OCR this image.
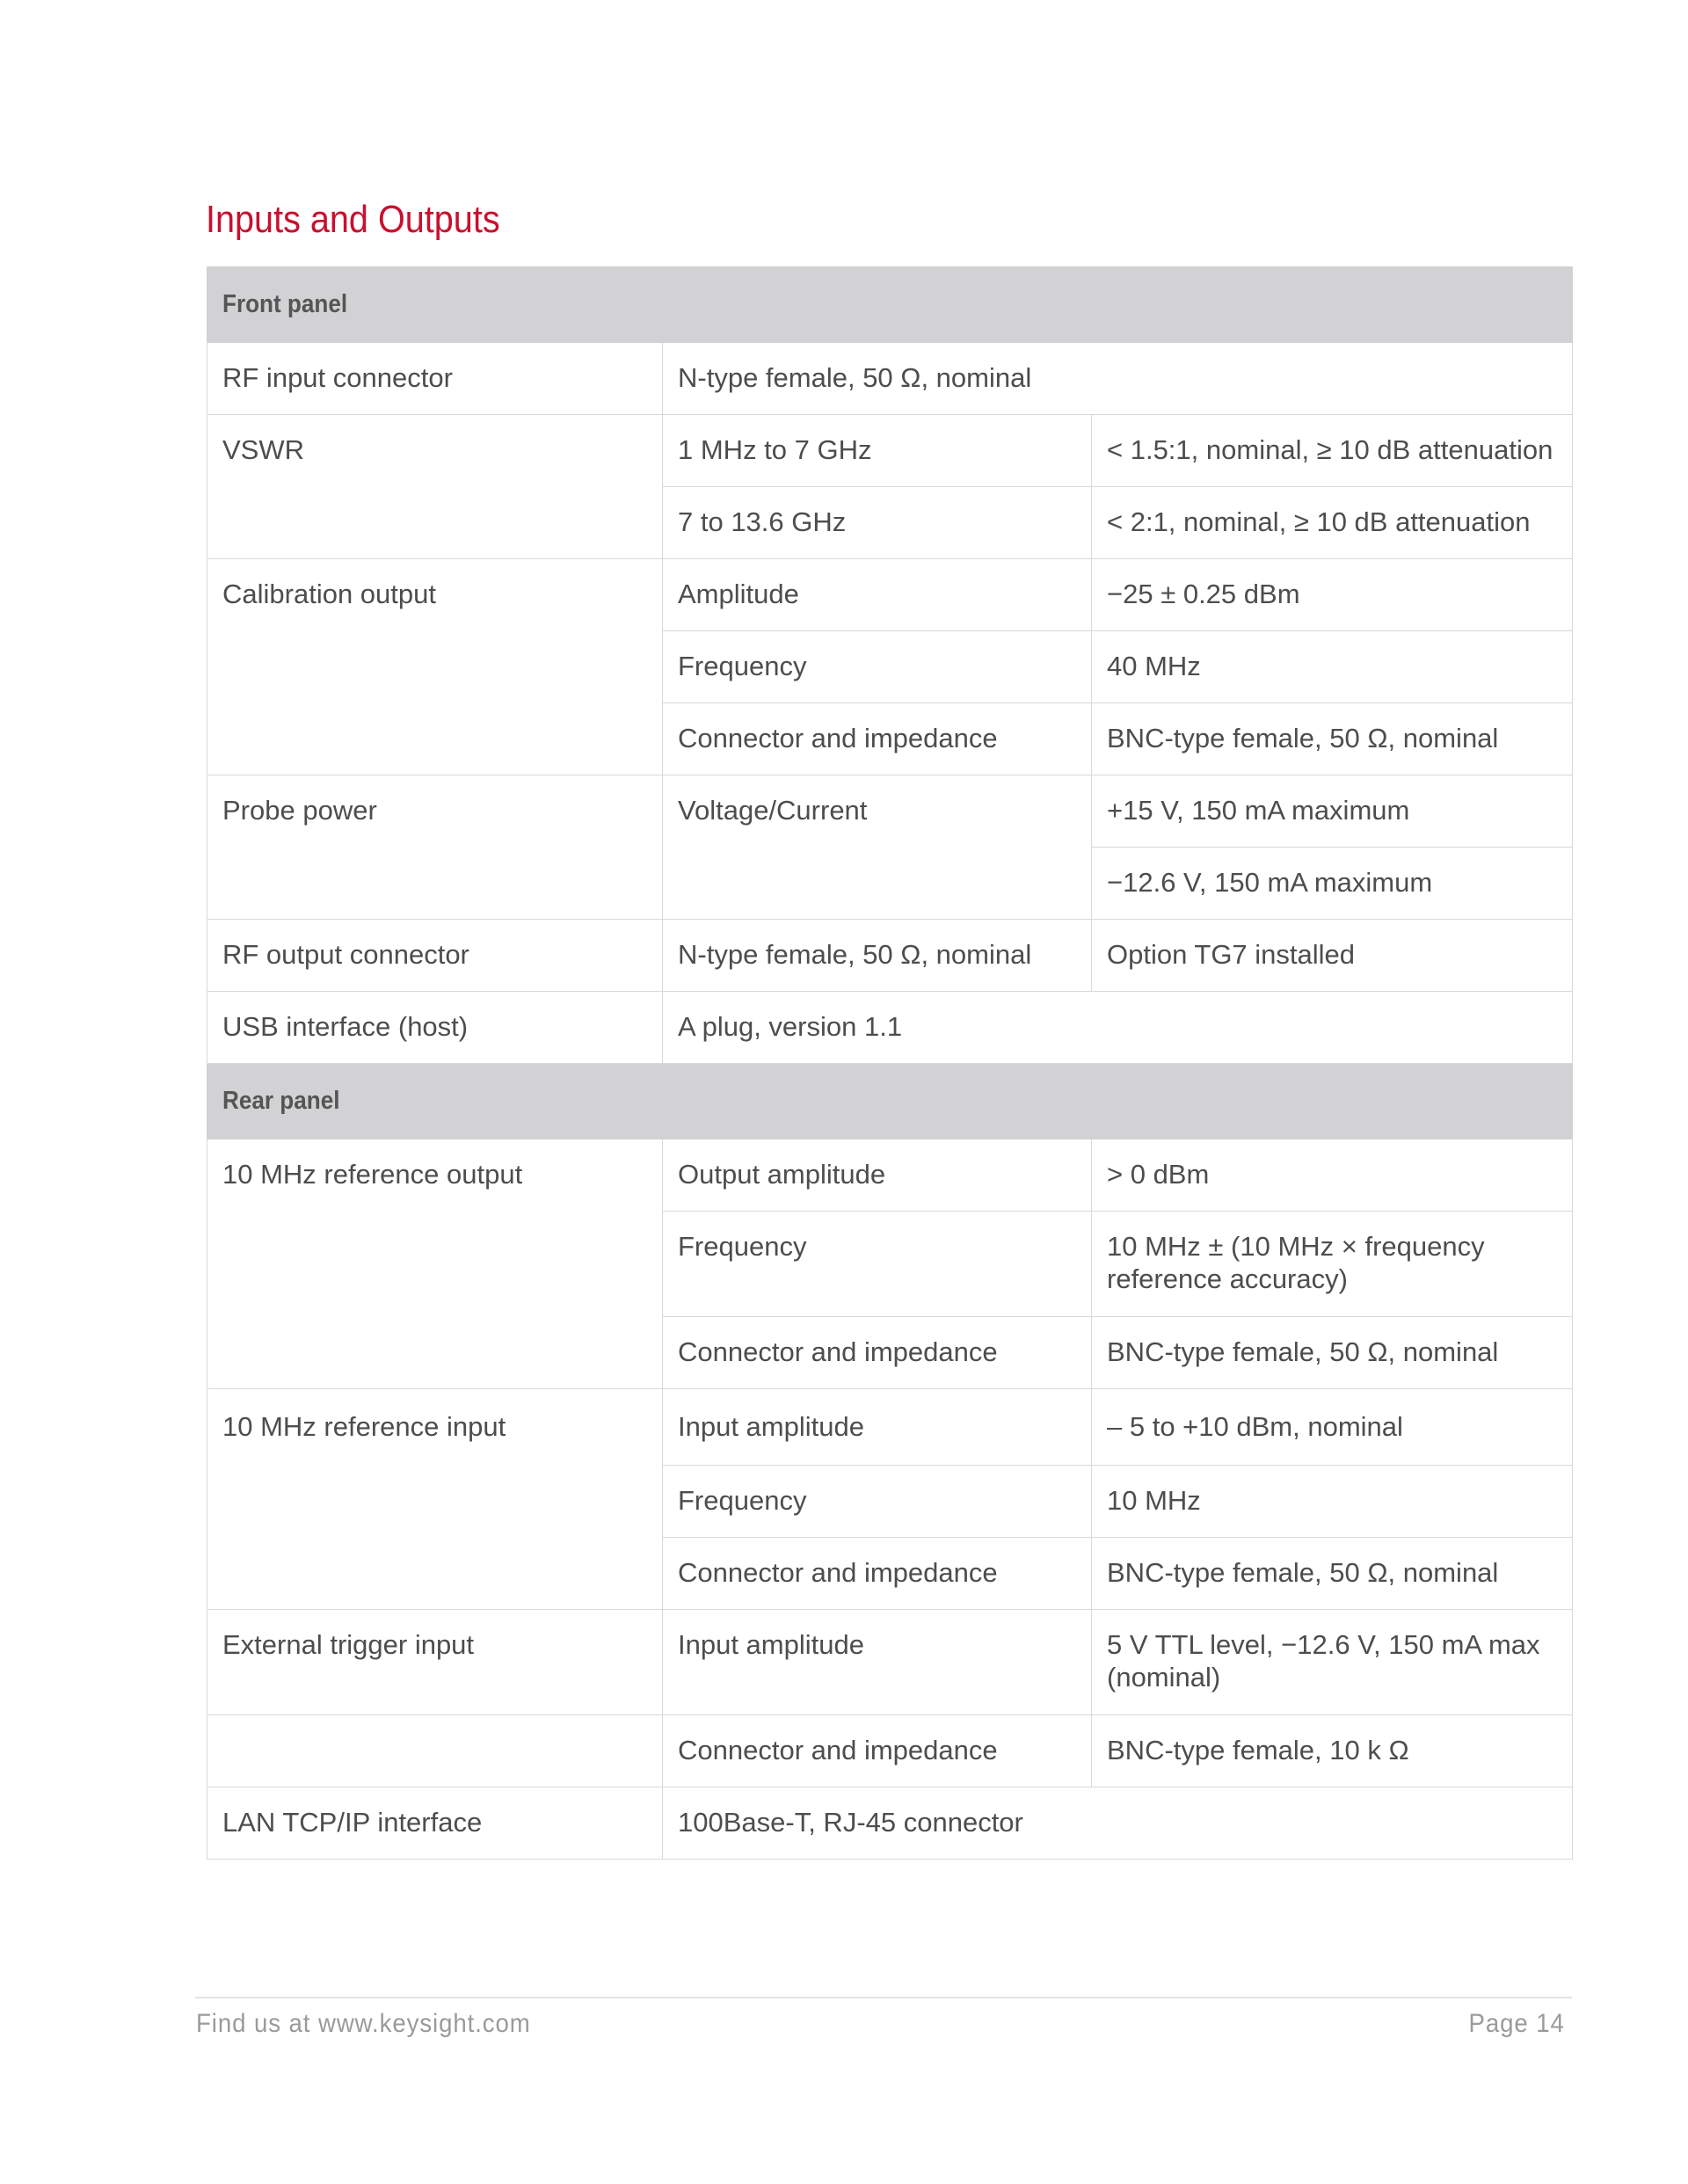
Inputs and Outputs
Front panel		
RF input connector	N-type female, 50 Ω, nominal	
VSWR	1 MHz to 7 GHz	< 1.5:1, nominal, ≥ 10 dB attenuation
	7 to 13.6 GHz	< 2:1, nominal, ≥ 10 dB attenuation
Calibration output	Amplitude	−25 ± 0.25 dBm
	Frequency	40 MHz
	Connector and impedance	BNC-type female, 50 Ω, nominal
Probe power	Voltage/Current	+15 V, 150 mA maximum
		−12.6 V, 150 mA maximum
RF output connector	N-type female, 50 Ω, nominal	Option TG7 installed
USB interface (host)	A plug, version 1.1	
Rear panel		
10 MHz reference output	Output amplitude	> 0 dBm
	Frequency	10 MHz ± (10 MHz × frequency reference accuracy)
	Connector and impedance	BNC-type female, 50 Ω, nominal
10 MHz reference input	Input amplitude	– 5 to +10 dBm, nominal
	Frequency	10 MHz
	Connector and impedance	BNC-type female, 50 Ω, nominal
External trigger input	Input amplitude	5 V TTL level, −12.6 V, 150 mA max (nominal)
	Connector and impedance	BNC-type female, 10 k Ω
LAN TCP/IP interface	100Base-T, RJ-45 connector	
Find us at www.keysight.com	Page 14
